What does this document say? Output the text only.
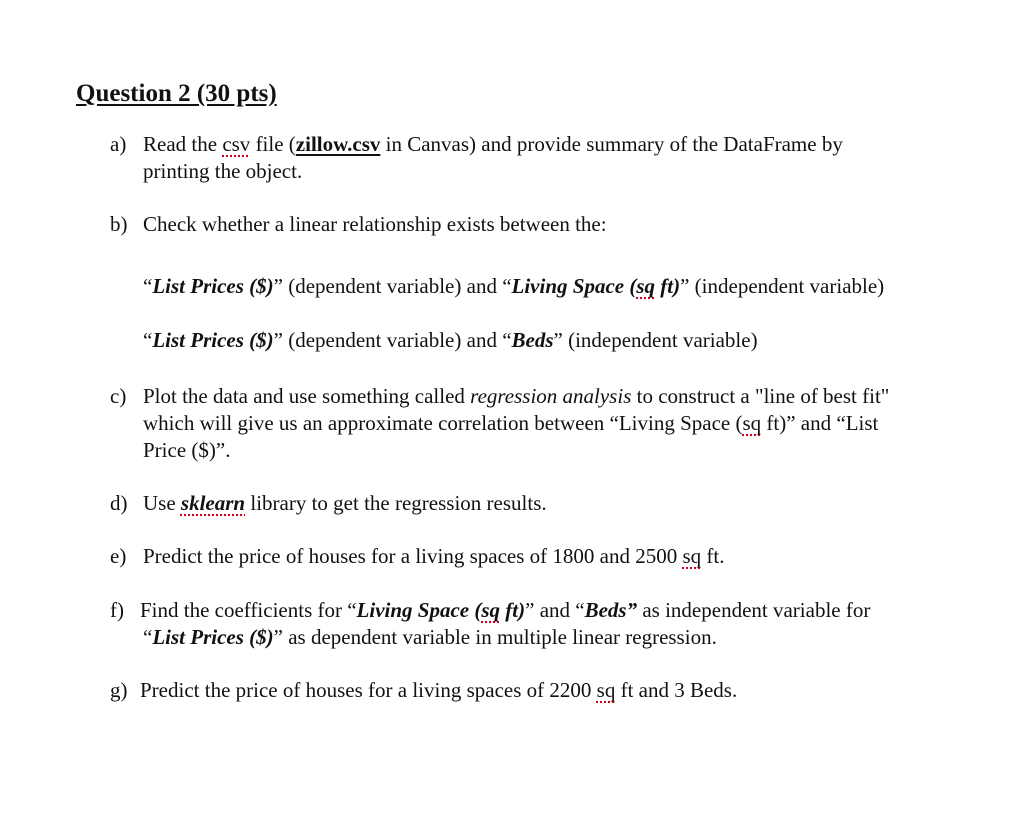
Question 2 (30 pts)
a) Read the csv file (zillow.csv in Canvas) and provide summary of the DataFrame by
printing the object.
b) Check whether a linear relationship exists between the:
“List Prices ($)” (dependent variable) and “Living Space (sq ft)” (independent variable)
“List Prices ($)” (dependent variable) and “Beds” (independent variable)
c) Plot the data and use something called regression analysis to construct a "line of best fit"
which will give us an approximate correlation between “Living Space (sq ft)” and “List
Price ($)”.
d) Use sklearn library to get the regression results.
e) Predict the price of houses for a living spaces of 1800 and 2500 sq ft.
f) Find the coefficients for “Living Space (sq ft)” and “Beds” as independent variable for
“List Prices ($)” as dependent variable in multiple linear regression.
g) Predict the price of houses for a living spaces of 2200 sq ft and 3 Beds.
